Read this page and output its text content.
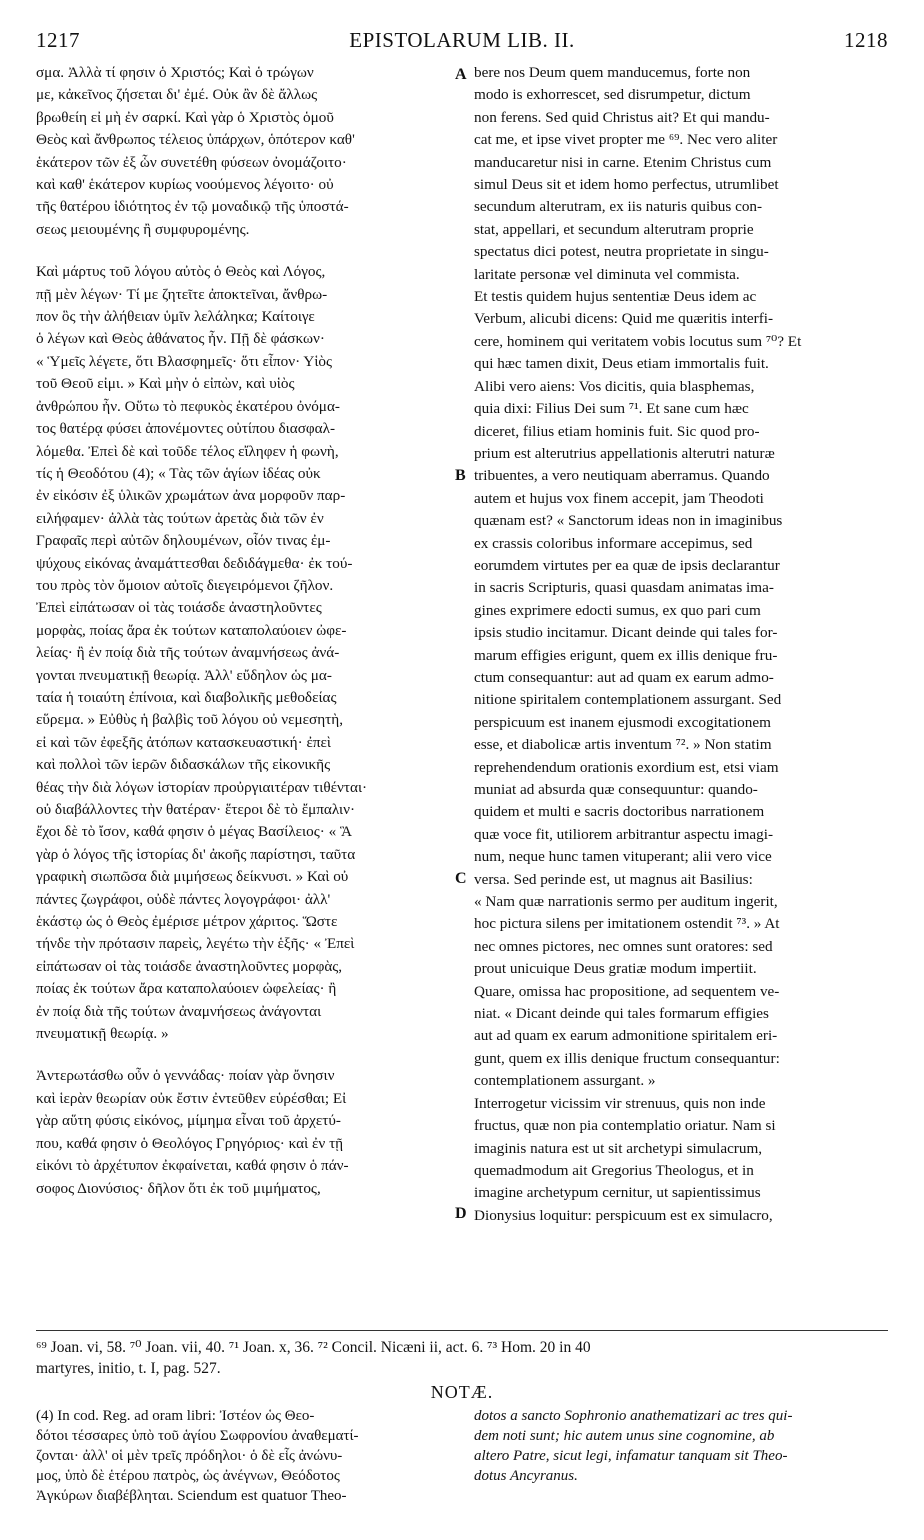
1217	EPISTOLARUM LIB. II.	1218
σμα. Ἀλλὰ τί φησιν ὁ Χριστός; Καὶ ὁ τρώγων
με, κἀκεῖνος ζήσεται δι' ἐμέ. Οὐκ ἂν δὲ ἄλλως
βρωθείη εἰ μὴ ἐν σαρκί. Καὶ γὰρ ὁ Χριστὸς ὁμοῦ
Θεὸς καὶ ἄνθρωπος τέλειος ὑπάρχων, ὁπότερον καθ'
ἑκάτερον τῶν ἐξ ὧν συνετέθη φύσεων ὀνομάζοιτο·
καὶ καθ' ἑκάτερον κυρίως νοούμενος λέγοιτο· οὐ
τῆς θατέρου ἰδιότητος ἐν τῷ μοναδικῷ τῆς ὑποστά-
σεως μειουμένης ἢ συμφυρομένης.
Καὶ μάρτυς τοῦ λόγου αὐτὸς ὁ Θεὸς καὶ Λόγος,
πῇ μὲν λέγων· Τί με ζητεῖτε ἀποκτεῖναι, ἄνθρω-
πον ὃς τὴν ἀλήθειαν ὑμῖν λελάληκα; Καίτοιγε
ὁ λέγων καὶ Θεὸς ἀθάνατος ἦν. Πῇ δὲ φάσκων·
« Ὑμεῖς λέγετε, ὅτι Βλασφημεῖς· ὅτι εἶπον· Υἱὸς
τοῦ Θεοῦ εἰμι. » Καὶ μὴν ὁ εἰπὼν, καὶ υἱὸς
ἀνθρώπου ἦν. Οὕτω τὸ πεφυκὸς ἑκατέρου ὀνόμα-
τος θατέρᾳ φύσει ἀπονέμοντες οὐτίπου διασφαλ-
λόμεθα. Ἐπεὶ δὲ καὶ τοῦδε τέλος εἴληφεν ἡ φωνὴ,
τίς ἡ Θεοδότου (4); « Τὰς τῶν ἁγίων ἰδέας οὐκ
ἐν εἰκόσιν ἐξ ὑλικῶν χρωμάτων ἀνα μορφοῦν παρ-
ειλήφαμεν· ἀλλὰ τὰς τούτων ἀρετὰς διὰ τῶν ἐν
Γραφαῖς περὶ αὐτῶν δηλουμένων, οἷόν τινας ἐμ-
ψύχους εἰκόνας ἀναμάττεσθαι δεδιδάγμεθα· ἐκ τού-
του πρὸς τὸν ὅμοιον αὐτοῖς διεγειρόμενοι ζῆλον.
Ἐπεὶ εἰπάτωσαν οἱ τὰς τοιάσδε ἀναστηλοῦντες
μορφὰς, ποίας ἄρα ἐκ τούτων καταπολαύοιεν ὠφε-
λείας· ἢ ἐν ποίᾳ διὰ τῆς τούτων ἀναμνήσεως ἀνά-
γονται πνευματικῇ θεωρίᾳ. Ἀλλ' εὔδηλον ὡς μα-
ταία ἡ τοιαύτη ἐπίνοια, καὶ διαβολικῆς μεθοδείας
εὕρεμα. » Εὐθὺς ἡ βαλβὶς τοῦ λόγου οὐ νεμεσητὴ,
εἰ καὶ τῶν ἐφεξῆς ἀτόπων κατασκευαστική· ἐπεὶ
καὶ πολλοὶ τῶν ἱερῶν διδασκάλων τῆς εἰκονικῆς
θέας τὴν διὰ λόγων ἱστορίαν προὐργιαιτέραν τιθένται·
οὐ διαβάλλοντες τὴν θατέραν· ἕτεροι δὲ τὸ ἔμπαλιν·
ἔχοι δὲ τὸ ἴσον, καθά φησιν ὁ μέγας Βασίλειος· « Ἃ
γὰρ ὁ λόγος τῆς ἱστορίας δι' ἀκοῆς παρίστησι, ταῦτα
γραφικὴ σιωπῶσα διὰ μιμήσεως δείκνυσι. » Καὶ οὐ
πάντες ζωγράφοι, οὐδὲ πάντες λογογράφοι· ἀλλ'
ἑκάστῳ ὡς ὁ Θεὸς ἐμέρισε μέτρον χάριτος. Ὥστε
τήνδε τὴν πρότασιν παρεὶς, λεγέτω τὴν ἑξῆς· « Ἐπεὶ
εἰπάτωσαν οἱ τὰς τοιάσδε ἀναστηλοῦντες μορφὰς,
ποίας ἐκ τούτων ἄρα καταπολαύοιεν ὠφελείας· ἢ
ἐν ποίᾳ διὰ τῆς τούτων ἀναμνήσεως ἀνάγονται
πνευματικῇ θεωρίᾳ. »
Ἀντερωτάσθω οὖν ὁ γεννάδας· ποίαν γὰρ ὄνησιν
καὶ ἱερὰν θεωρίαν οὐκ ἔστιν ἐντεῦθεν εὑρέσθαι; Εἰ
γὰρ αὕτη φύσις εἰκόνος, μίμημα εἶναι τοῦ ἀρχετύ-
που, καθά φησιν ὁ Θεολόγος Γρηγόριος· καὶ ἐν τῇ
εἰκόνι τὸ ἀρχέτυπον ἐκφαίνεται, καθά φησιν ὁ πάν-
σοφος Διονύσιος· δῆλον ὅτι ἐκ τοῦ μιμήματος,
bere nos Deum quem manducemus, forte non
modo is exhorrescet, sed disrumpetur, dictum
non ferens. Sed quid Christus ait? Et qui mandu-
cat me, et ipse vivet propter me ⁶⁹. Nec vero aliter
manducaretur nisi in carne. Etenim Christus cum
simul Deus sit et idem homo perfectus, utrumlibet
secundum alterutram, ex iis naturis quibus con-
stat, appellari, et secundum alterutram proprie
spectatus dici potest, neutra proprietate in singu-
laritate personæ vel diminuta vel commista.
Et testis quidem hujus sententiæ Deus idem ac
Verbum, alicubi dicens: Quid me quæritis interfi-
cere, hominem qui veritatem vobis locutus sum ⁷⁰? Et
qui hæc tamen dixit, Deus etiam immortalis fuit.
Alibi vero aiens: Vos dicitis, quia blasphemas,
quia dixi: Filius Dei sum ⁷¹. Et sane cum hæc
diceret, filius etiam hominis fuit. Sic quod pro-
prium est alterutrius appellationis alterutri naturæ
tribuentes, a vero neutiquam aberramus. Quando
autem et hujus vox finem accepit, jam Theodoti
quænam est? « Sanctorum ideas non in imaginibus
ex crassis coloribus informare accepimus, sed
eorumdem virtutes per ea quæ de ipsis declarantur
in sacris Scripturis, quasi quasdam animatas ima-
gines exprimere edocti sumus, ex quo pari cum
ipsis studio incitamur. Dicant deinde qui tales for-
marum effigies erigunt, quem ex illis denique fru-
ctum consequantur: aut ad quam ex earum admo-
nitione spiritalem contemplationem assurgant. Sed
perspicuum est inanem ejusmodi excogitationem
esse, et diabolicæ artis inventum ⁷². » Non statim
reprehendendum orationis exordium est, etsi viam
muniat ad absurda quæ consequuntur: quando-
quidem et multi e sacris doctoribus narrationem
quæ voce fit, utiliorem arbitrantur aspectu imagi-
num, neque hunc tamen vituperant; alii vero vice
versa. Sed perinde est, ut magnus ait Basilius:
« Nam quæ narrationis sermo per auditum ingerit,
hoc pictura silens per imitationem ostendit ⁷³. » At
nec omnes pictores, nec omnes sunt oratores: sed
prout unicuique Deus gratiæ modum impertiit.
Quare, omissa hac propositione, ad sequentem ve-
niat. « Dicant deinde qui tales formarum effigies
aut ad quam ex earum admonitione spiritalem eri-
gunt, quem ex illis denique fructum consequantur:
contemplationem assurgant. »
Interrogetur vicissim vir strenuus, quis non inde
fructus, quæ non pia contemplatio oriatur. Nam si
imaginis natura est ut sit archetypi simulacrum,
quemadmodum ait Gregorius Theologus, et in
imagine archetypum cernitur, ut sapientissimus
Dionysius loquitur: perspicuum est ex simulacro,
A
B
C
D
⁶⁹ Joan. vi, 58. ⁷⁰ Joan. vii, 40. ⁷¹ Joan. x, 36. ⁷² Concil. Nicæni ii, act. 6. ⁷³ Hom. 20 in 40
martyres, initio, t. I, pag. 527.
NOTÆ.
(4) In cod. Reg. ad oram libri: Ἰστέον ὡς Θεο-
δότοι τέσσαρες ὑπὸ τοῦ ἁγίου Σωφρονίου ἀναθεματί-
ζονται· ἀλλ' οἱ μὲν τρεῖς πρόδηλοι· ὁ δὲ εἷς ἀνώνυ-
μος, ὑπὸ δὲ ἑτέρου πατρὸς, ὡς ἀνέγνων, Θεόδοτος
Ἀγκύρων διαβέβληται. Sciendum est quatuor Theo-
dotos a sancto Sophronio anathematizari ac tres qui-
dem noti sunt; hic autem unus sine cognomine, ab
altero Patre, sicut legi, infamatur tanquam sit Theo-
dotus Ancyranus.
